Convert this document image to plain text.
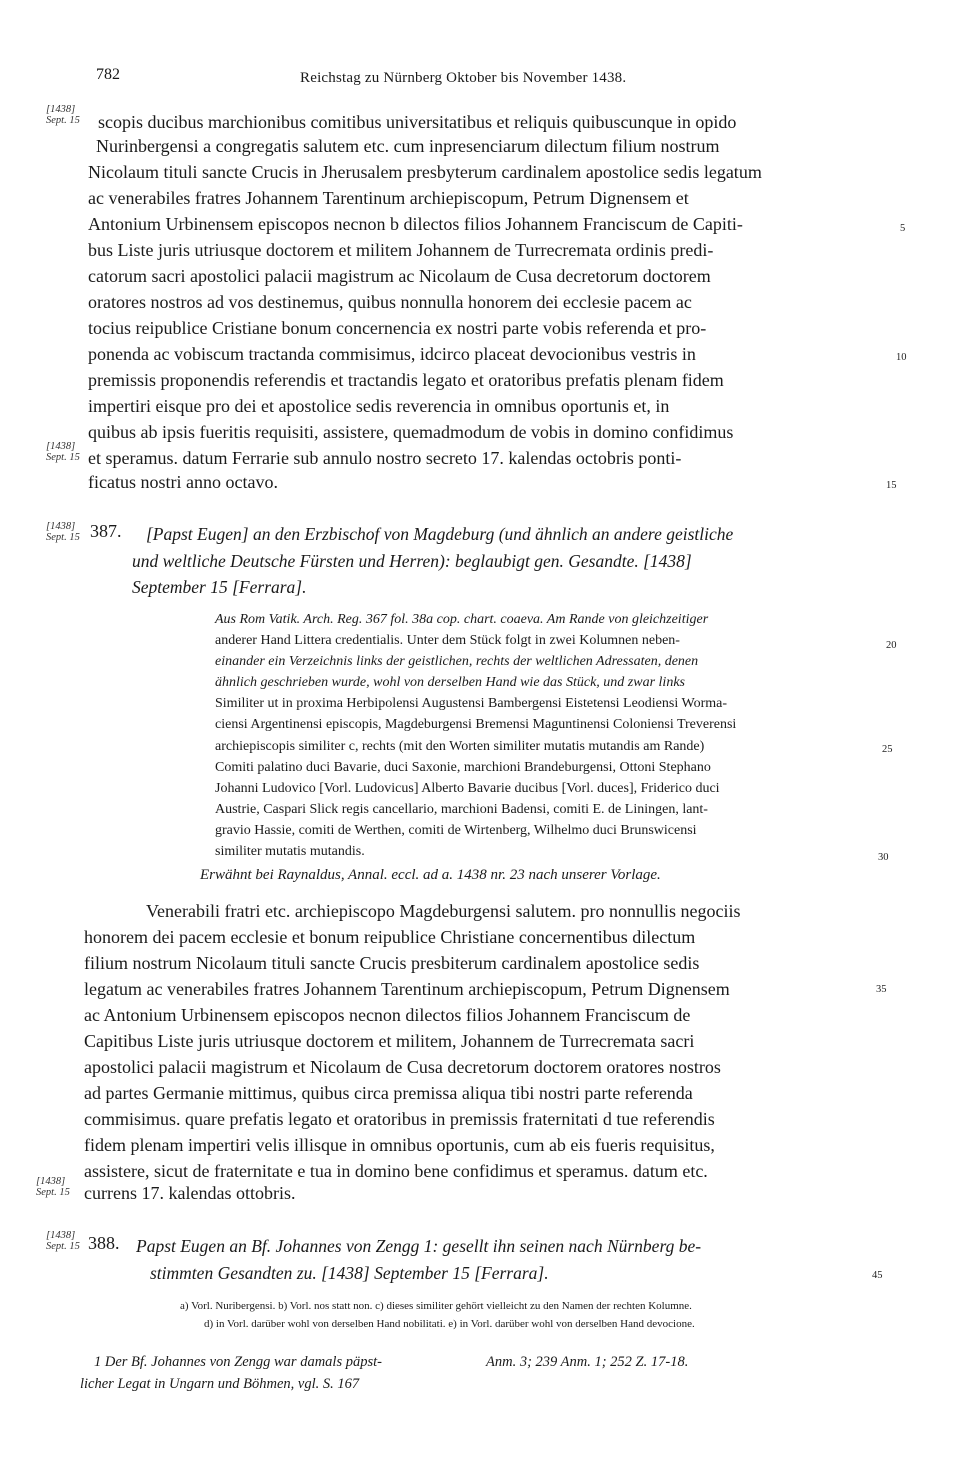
782	Reichstag zu Nürnberg Oktober bis November 1438.
[1438]
Sept. 15
[1438]
Sept. 15
[1438]
Sept. 15
[1438]
Sept. 15
[1438]
Sept. 15
scopis ducibus marchionibus comitibus universitatibus et reliquis quibuscunque in opido
Nurinbergensi a congregatis salutem etc. cum inpresenciarum dilectum filium nostrum
Nicolaum tituli sancte Crucis in Jherusalem presbyterum cardinalem apostolice sedis legatum
ac venerabiles fratres Johannem Tarentinum archiepiscopum, Petrum Dignensem et
Antonium Urbinensem episcopos necnon b dilectos filios Johannem Franciscum de Capiti-
bus Liste juris utriusque doctorem et militem Johannem de Turrecremata ordinis predi-
catorum sacri apostolici palacii magistrum ac Nicolaum de Cusa decretorum doctorem
oratores nostros ad vos destinemus, quibus nonnulla honorem dei ecclesie pacem ac
tocius reipublice Cristiane bonum concernencia ex nostri parte vobis referenda et pro-
ponenda ac vobiscum tractanda commisimus, idcirco placeat devocionibus vestris in
premissis proponendis referendis et tractandis legato et oratoribus prefatis plenam fidem
impertiri eisque pro dei et apostolice sedis reverencia in omnibus oportunis et, in
quibus ab ipsis fueritis requisiti, assistere, quemadmodum de vobis in domino confidimus
et speramus. datum Ferrarie sub annulo nostro secreto 17. kalendas octobris ponti-
ficatus nostri anno octavo.
5
10
15
387. [Papst Eugen] an den Erzbischof von Magdeburg (und ähnlich an andere geistliche
und weltliche Deutsche Fürsten und Herren): beglaubigt gen. Gesandte. [1438]
September 15 [Ferrara].
Aus Rom Vatik. Arch. Reg. 367 fol. 38a cop. chart. coaeva. Am Rande von gleichzeitiger
anderer Hand Littera credentialis. Unter dem Stück folgt in zwei Kolumnen neben-
einander ein Verzeichnis links der geistlichen, rechts der weltlichen Adressaten, denen
ähnlich geschrieben wurde, wohl von derselben Hand wie das Stück, und zwar links
Similiter ut in proxima Herbipolensi Augustensi Bambergensi Eistetensi Leodiensi Worma-
ciensi Argentinensi episcopis, Magdeburgensi Bremensi Maguntinensi Coloniensi Treverensi
archiepiscopis similiter c, rechts (mit den Worten similiter mutatis mutandis am Rande)
Comiti palatino duci Bavarie, duci Saxonie, marchioni Brandeburgensi, Ottoni Stephano
Johanni Ludovico [Vorl. Ludovicus] Alberto Bavarie ducibus [Vorl. duces], Friderico duci
Austrie, Caspari Slick regis cancellario, marchioni Badensi, comiti E. de Liningen, lant-
gravio Hassie, comiti de Werthen, comiti de Wirtenberg, Wilhelmo duci Brunswicensi
similiter mutatis mutandis.
Erwähnt bei Raynaldus, Annal. eccl. ad a. 1438 nr. 23 nach unserer Vorlage.
20
25
30
Venerabili fratri etc. archiepiscopo Magdeburgensi salutem. pro nonnullis negociis
honorem dei pacem ecclesie et bonum reipublice Christiane concernentibus dilectum
filium nostrum Nicolaum tituli sancte Crucis presbiterum cardinalem apostolice sedis
legatum ac venerabiles fratres Johannem Tarentinum archiepiscopum, Petrum Dignensem
ac Antonium Urbinensem episcopos necnon dilectos filios Johannem Franciscum de
Capitibus Liste juris utriusque doctorem et militem, Johannem de Turrecremata sacri
apostolici palacii magistrum et Nicolaum de Cusa decretorum doctorem oratores nostros
ad partes Germanie mittimus, quibus circa premissa aliqua tibi nostri parte referenda
commisimus. quare prefatis legato et oratoribus in premissis fraternitati d tue referendis
fidem plenam impertiri velis illisque in omnibus oportunis, cum ab eis fueris requisitus,
assistere, sicut de fraternitate e tua in domino bene confidimus et speramus. datum etc.
currens 17. kalendas ottobris.
35
388. Papst Eugen an Bf. Johannes von Zengg 1: gesellt ihn seinen nach Nürnberg be-
stimmten Gesandten zu. [1438] September 15 [Ferrara].	45
a) Vorl. Nuribergensi. b) Vorl. nos statt non. c) dieses similiter gehört vielleicht zu den Namen der rechten Kolumne.
d) in Vorl. darüber wohl von derselben Hand nobilitati. e) in Vorl. darüber wohl von derselben Hand devocione.
1 Der Bf. Johannes von Zengg war damals päpst-
licher Legat in Ungarn und Böhmen, vgl. S. 167
Anm. 3; 239 Anm. 1; 252 Z. 17-18.
